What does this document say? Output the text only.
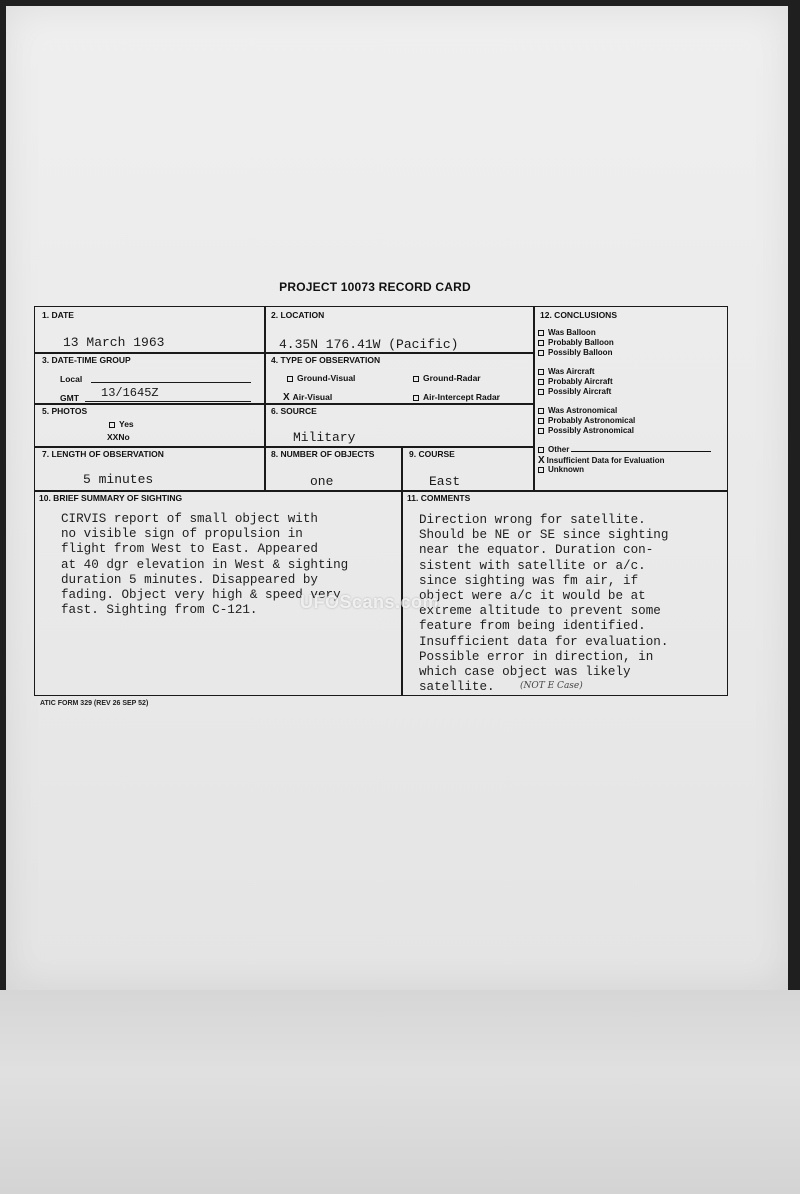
PROJECT 10073 RECORD CARD
1. DATE
13 March 1963
2. LOCATION
4.35N 176.41W (Pacific)
3. DATE-TIME GROUP
Local
GMT 13/1645Z
4. TYPE OF OBSERVATION
Ground-Visual	Ground-Radar
X Air-Visual	Air-Intercept Radar
5. PHOTOS
Yes
XXNo
6. SOURCE
Military
7. LENGTH OF OBSERVATION
5 minutes
8. NUMBER OF OBJECTS
one
9. COURSE
East
12. CONCLUSIONS
Was Balloon
Probably Balloon
Possibly Balloon
Was Aircraft
Probably Aircraft
Possibly Aircraft
Was Astronomical
Probably Astronomical
Possibly Astronomical
Other
X Insufficient Data for Evaluation
Unknown
10. BRIEF SUMMARY OF SIGHTING
CIRVIS report of small object with
no visible sign of propulsion in
flight from West to East. Appeared
at 40 dgr elevation in West & sighting
duration 5 minutes. Disappeared by
fading. Object very high & speed very
fast. Sighting from C-121.
11. COMMENTS
Direction wrong for satellite.
Should be NE or SE since sighting
near the equator. Duration con-
sistent with satellite or a/c.
since sighting was fm air, if
object were a/c it would be at
extreme altitude to prevent some
feature from being identified.
Insufficient data for evaluation.
Possible error in direction, in
which case object was likely
satellite.	(NOT E Case)
UFOScans.com
ATIC FORM 329 (REV 26 SEP 52)
